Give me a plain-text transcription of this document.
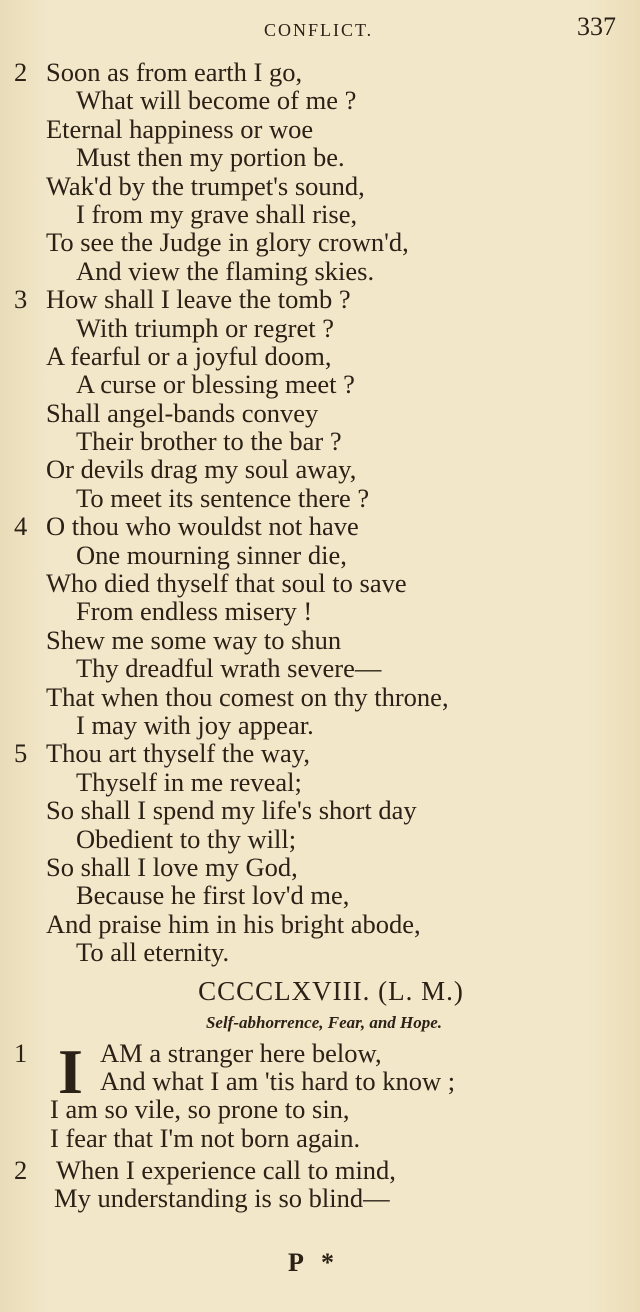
CONFLICT.	337
2 Soon as from earth I go,
What will become of me ?
Eternal happiness or woe
Must then my portion be.
Wak'd by the trumpet's sound,
I from my grave shall rise,
To see the Judge in glory crown'd,
And view the flaming skies.
3 How shall I leave the tomb ?
With triumph or regret ?
A fearful or a joyful doom,
A curse or blessing meet ?
Shall angel-bands convey
Their brother to the bar ?
Or devils drag my soul away,
To meet its sentence there ?
4 O thou who wouldst not have
One mourning sinner die,
Who died thyself that soul to save
From endless misery !
Shew me some way to shun
Thy dreadful wrath severe—
That when thou comest on thy throne,
I may with joy appear.
5 Thou art thyself the way,
Thyself in me reveal;
So shall I spend my life's short day
Obedient to thy will;
So shall I love my God,
Because he first lov'd me,
And praise him in his bright abode,
To all eternity.
CCCCLXVIII. (L. M.)
Self-abhorrence, Fear, and Hope.
I
1	AM a stranger here below,
And what I am 'tis hard to know ;
I am so vile, so prone to sin,
I fear that I'm not born again.
2	When I experience call to mind,
My understanding is so blind—
P *
